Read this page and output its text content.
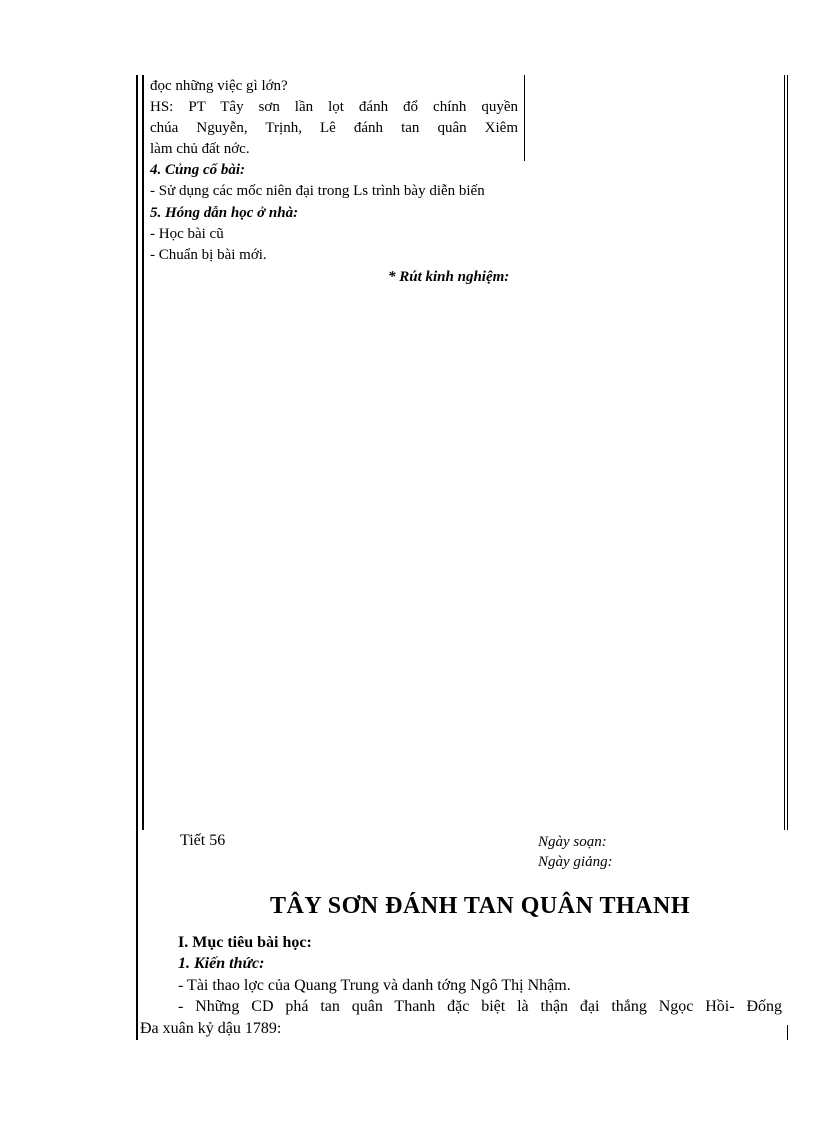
đọc những việc gì lớn?
HS: PT Tây sơn lần lọt đánh đổ chính quyền
chúa Nguyễn, Trịnh, Lê đánh tan quân Xiêm
làm chủ đất nớc.
4. Củng cố bài:
- Sử dụng các mốc niên đại trong Ls trình bày diễn biến
5. Hóng dẫn học ở nhà:
- Học bài cũ
- Chuẩn bị bài mới.
* Rút kinh nghiệm:
Tiết 56	Ngày soạn:
Ngày giảng:
TÂY SƠN ĐÁNH TAN QUÂN THANH
I. Mục tiêu bài học:
1. Kiến thức:
- Tài thao lợc của Quang Trung và danh tớng Ngô Thị Nhậm.
- Những CD phá tan quân Thanh đặc biệt là thận đại thắng Ngọc Hồi- Đống
Đa xuân kỷ dậu 1789:
